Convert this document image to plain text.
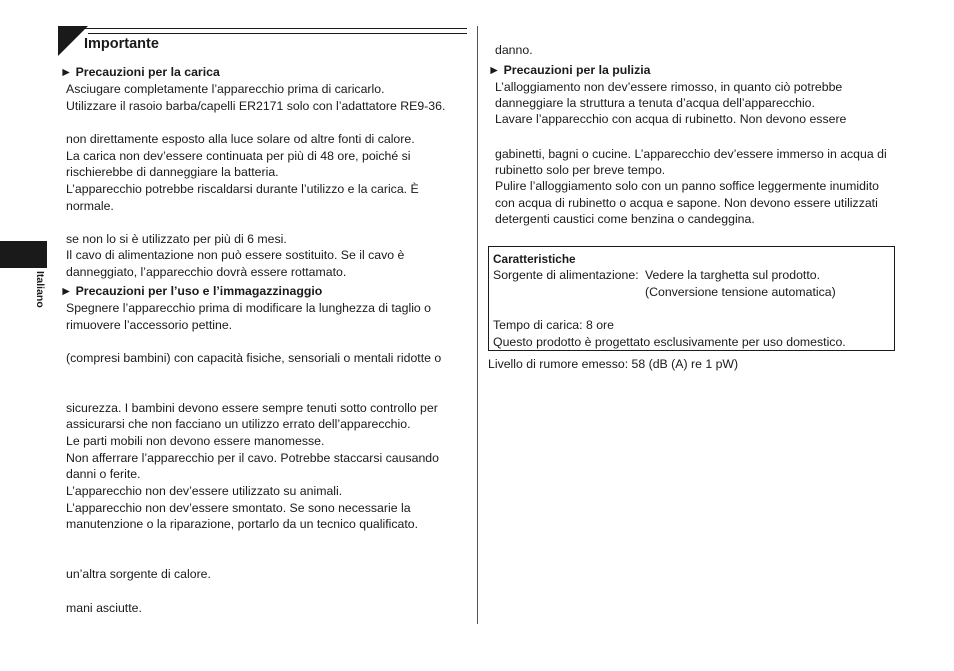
Importante
Italiano
► Precauzioni per la carica
Asciugare completamente l’apparecchio prima di caricarlo.
Utilizzare il rasoio barba/capelli ER2171 solo con l’adattatore RE9-36.
non direttamente esposto alla luce solare od altre fonti di calore.
La carica non dev’essere continuata per più di 48 ore, poiché si
rischierebbe di danneggiare la batteria.
L’apparecchio potrebbe riscaldarsi durante l’utilizzo e la carica. È
normale.
se non lo si è utilizzato per più di 6 mesi.
Il cavo di alimentazione non può essere sostituito. Se il cavo è
danneggiato, l’apparecchio dovrà essere rottamato.
► Precauzioni per l’uso e l’immagazzinaggio
Spegnere l’apparecchio prima di modificare la lunghezza di taglio o
rimuovere l’accessorio pettine.
(compresi bambini) con capacità fisiche, sensoriali o mentali ridotte o
sicurezza. I bambini devono essere sempre tenuti sotto controllo per
assicurarsi che non facciano un utilizzo errato dell’apparecchio.
Le parti mobili non devono essere manomesse.
Non afferrare l’apparecchio per il cavo. Potrebbe staccarsi causando
danni o ferite.
L’apparecchio non dev’essere utilizzato su animali.
L’apparecchio non dev’essere smontato. Se sono necessarie la
manutenzione o la riparazione, portarlo da un tecnico qualificato.
un’altra sorgente di calore.
mani asciutte.
danno.
► Precauzioni per la pulizia
L’alloggiamento non dev’essere rimosso, in quanto ciò potrebbe
danneggiare la struttura a tenuta d’acqua dell’apparecchio.
Lavare l’apparecchio con acqua di rubinetto. Non devono essere
gabinetti, bagni o cucine. L’apparecchio dev’essere immerso in acqua di
rubinetto solo per breve tempo.
Pulire l’alloggiamento solo con un panno soffice leggermente inumidito
con acqua di rubinetto o acqua e sapone. Non devono essere utilizzati
detergenti caustici come benzina o candeggina.
Caratteristiche
Sorgente di alimentazione: Vedere la targhetta sul prodotto.
(Conversione tensione automatica)
Tempo di carica: 8 ore
Questo prodotto è progettato esclusivamente per uso domestico.
Livello di rumore emesso: 58 (dB (A) re 1 pW)
